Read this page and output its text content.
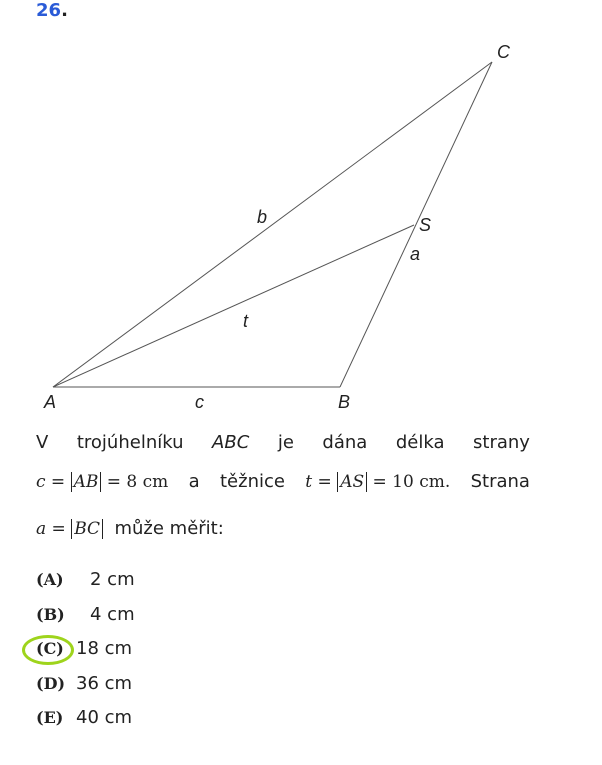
26.
C
S
A	B
b
a
t
c
V trojúhelníku ABC je dána délka strany
c = AB = 8 cm a těžnice t = AS = 10 cm. Strana
a = BC může měřit:
(A)	2 cm
(B)	4 cm
(C) 18 cm
(D) 36 cm
(E) 40 cm
